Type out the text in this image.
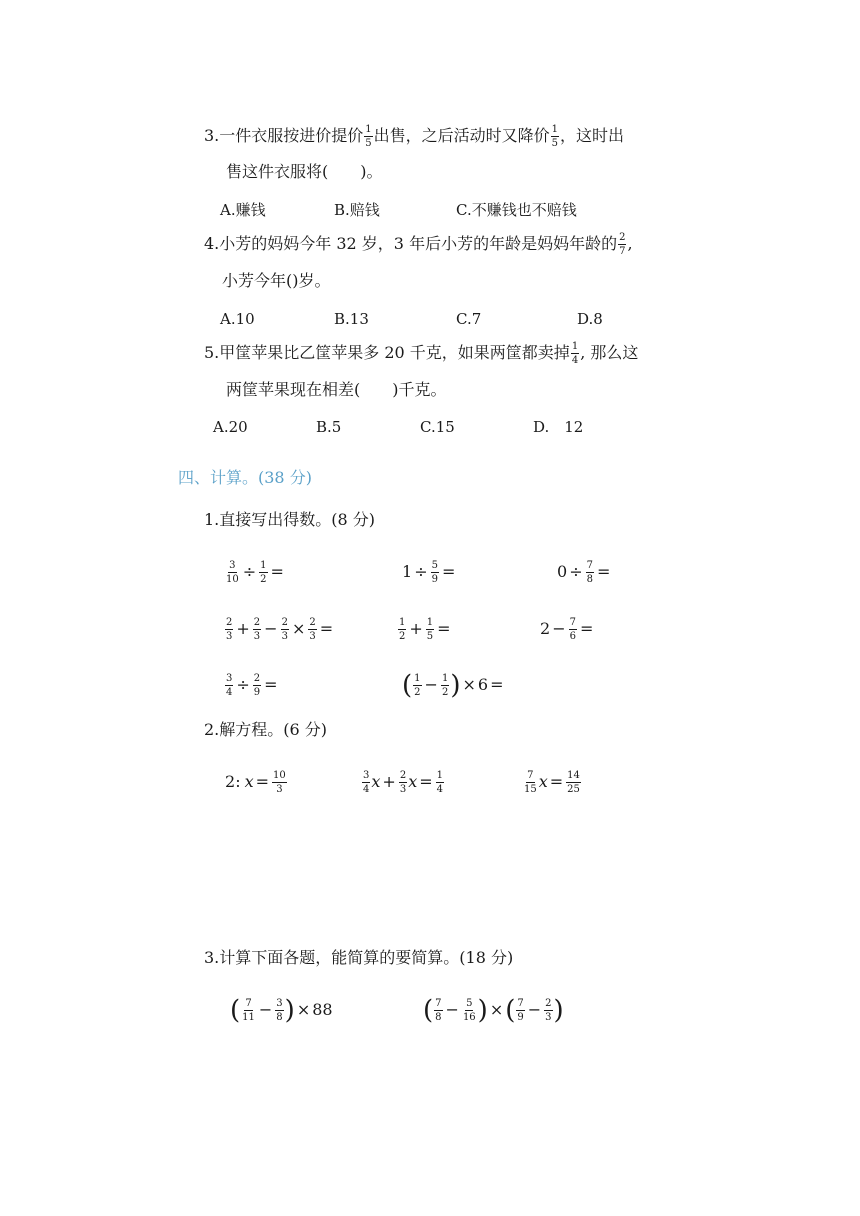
3.一件衣服按进价提价 $\frac{1}{5}$ 出售，之后活动时又降价 $\frac{1}{5}$ ，这时出
售这件衣服将(　　)。
A.赚钱	B.赔钱	C.不赚钱也不赔钱
4.小芳的妈妈今年 32 岁，3 年后小芳的年龄是妈妈年龄的 $\frac{2}{7}$ ,
小芳今年()岁。
A.10	B.13	C.7	D.8
5.甲筐苹果比乙筐苹果多 20 千克，如果两筐都卖掉 $\frac{1}{4}$ , 那么这
两筐苹果现在相差(　　)千克。
A.20	B.5	C.15	D.　12
四、计算。(38 分)
1.直接写出得数。(8 分)
$\frac{3}{10} \div \frac{1}{2}$ =	$1 \div \frac{5}{9}$ =	$0 \div \frac{7}{8}$ =
$\frac{2}{3} + \frac{2}{3} - \frac{2}{3} \times \frac{2}{3}$ =	$\frac{1}{2} + \frac{1}{5}$ =	$2 - \frac{7}{6}$ =
$\frac{3}{4} \div \frac{2}{9}$ =	( $\frac{1}{2} - \frac{1}{2}$ ) × 6 =
2.解方程。(6 分)
2: $x = \frac{10}{3}$	$\frac{3}{4}$ $x + \frac{2}{3}$ $x = \frac{1}{4}$	$\frac{7}{15}$ $x = \frac{14}{25}$
3.计算下面各题，能简算的要简算。(18 分)
( $\frac{7}{11} - \frac{3}{8}$ ) × 88	( $\frac{7}{8} - \frac{5}{16}$ ) ×( $\frac{7}{9} - \frac{2}{3}$ )
